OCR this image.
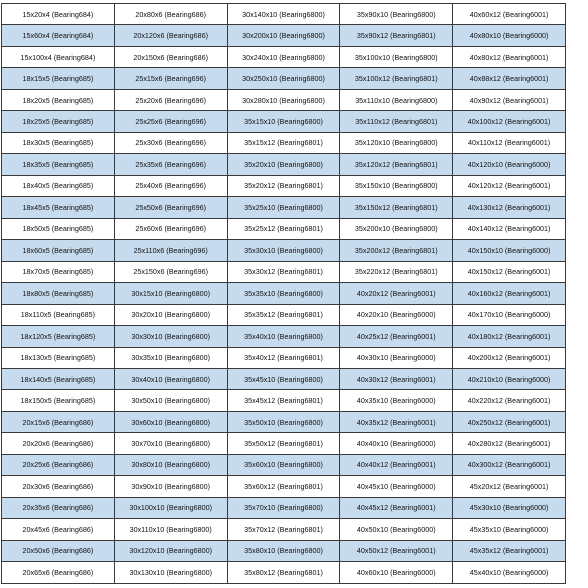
15x20x4 (Bearing684)	20x80x6 (Bearing686)	30x140x10 (Bearing6800)	35x90x10 (Bearing6800)	40x60x12 (Bearing6001)
15x60x4 (Bearing684)	20x120x6 (Bearing686)	30x200x10 (Bearing6800)	35x90x12 (Bearing6801)	40x80x10 (Bearing6000)
15x100x4 (Bearing684)	20x150x6 (Bearing686)	30x240x10 (Bearing6800)	35x100x10 (Bearing6800)	40x80x12 (Bearing6001)
18x15x5 (Bearing685)	25x15x6 (Bearing696)	30x250x10 (Bearing6800)	35x100x12 (Bearing6801)	40x88x12 (Bearing6001)
18x20x5 (Bearing685)	25x20x6 (Bearing696)	30x280x10 (Bearing6800)	35x110x10 (Bearing6800)	40x90x12 (Bearing6001)
18x25x5 (Bearing685)	25x25x6 (Bearing696)	35x15x10 (Bearing6800)	35x110x12 (Bearing6801)	40x100x12 (Bearing6001)
18x30x5 (Bearing685)	25x30x6 (Bearing696)	35x15x12 (Bearing6801)	35x120x10 (Bearing6800)	40x110x12 (Bearing6001)
18x35x5 (Bearing685)	25x35x6 (Bearing696)	35x20x10 (Bearing6800)	35x120x12 (Bearing6801)	40x120x10 (Bearing6000)
18x40x5 (Bearing685)	25x40x6 (Bearing696)	35x20x12 (Bearing6801)	35x150x10 (Bearing6800)	40x120x12 (Bearing6001)
18x45x5 (Bearing685)	25x50x6 (Bearing696)	35x25x10 (Bearing6800)	35x150x12 (Bearing6801)	40x130x12 (Bearing6001)
18x50x5 (Bearing685)	25x60x6 (Bearing696)	35x25x12 (Bearing6801)	35x200x10 (Bearing6800)	40x140x12 (Bearing6001)
18x60x5 (Bearing685)	25x110x6 (Bearing696)	35x30x10 (Bearing6800)	35x200x12 (Bearing6801)	40x150x10 (Bearing6000)
18x70x5 (Bearing685)	25x150x6 (Bearing696)	35x30x12 (Bearing6801)	35x220x12 (Bearing6801)	40x150x12 (Bearing6001)
18x80x5 (Bearing685)	30x15x10 (Bearing6800)	35x35x10 (Bearing6800)	40x20x12 (Bearing6001)	40x160x12 (Bearing6001)
18x110x5 (Bearing685)	30x20x10 (Bearing6800)	35x35x12 (Bearing6801)	40x20x10 (Bearing6000)	40x170x10 (Bearing6000)
18x120x5 (Bearing685)	30x30x10 (Bearing6800)	35x40x10 (Bearing6800)	40x25x12 (Bearing6001)	40x180x12 (Bearing6001)
18x130x5 (Bearing685)	30x35x10 (Bearing6800)	35x40x12 (Bearing6801)	40x30x10 (Bearing6000)	40x200x12 (Bearing6001)
18x140x5 (Bearing685)	30x40x10 (Bearing6800)	35x45x10 (Bearing6800)	40x30x12 (Bearing6001)	40x210x10 (Bearing6000)
18x150x5 (Bearing685)	30x50x10 (Bearing6800)	35x45x12 (Bearing6801)	40x35x10 (Bearing6000)	40x220x12 (Bearing6001)
20x15x6 (Bearing686)	30x60x10 (Bearing6800)	35x50x10 (Bearing6800)	40x35x12 (Bearing6001)	40x250x12 (Bearing6001)
20x20x6 (Bearing686)	30x70x10 (Bearing6800)	35x50x12 (Bearing6801)	40x40x10 (Bearing6000)	40x280x12 (Bearing6001)
20x25x6 (Bearing686)	30x80x10 (Bearing6800)	35x60x10 (Bearing6800)	40x40x12 (Bearing6001)	40x300x12 (Bearing6001)
20x30x6 (Bearing686)	30x90x10 (Bearing6800)	35x60x12 (Bearing6801)	40x45x10 (Bearing6000)	45x20x12 (Bearing6001)
20x35x6 (Bearing686)	30x100x10 (Bearing6800)	35x70x10 (Bearing6800)	40x45x12 (Bearing6001)	45x30x10 (Bearing6000)
20x45x6 (Bearing686)	30x110x10 (Bearing6800)	35x70x12 (Bearing6801)	40x50x10 (Bearing6000)	45x35x10 (Bearing6000)
20x50x6 (Bearing686)	30x120x10 (Bearing6800)	35x80x10 (Bearing6800)	40x50x12 (Bearing6001)	45x35x12 (Bearing6001)
20x65x6 (Bearing686)	30x130x10 (Bearing6800)	35x80x12 (Bearing6801)	40x60x10 (Bearing6000)	45x40x10 (Bearing6000)
